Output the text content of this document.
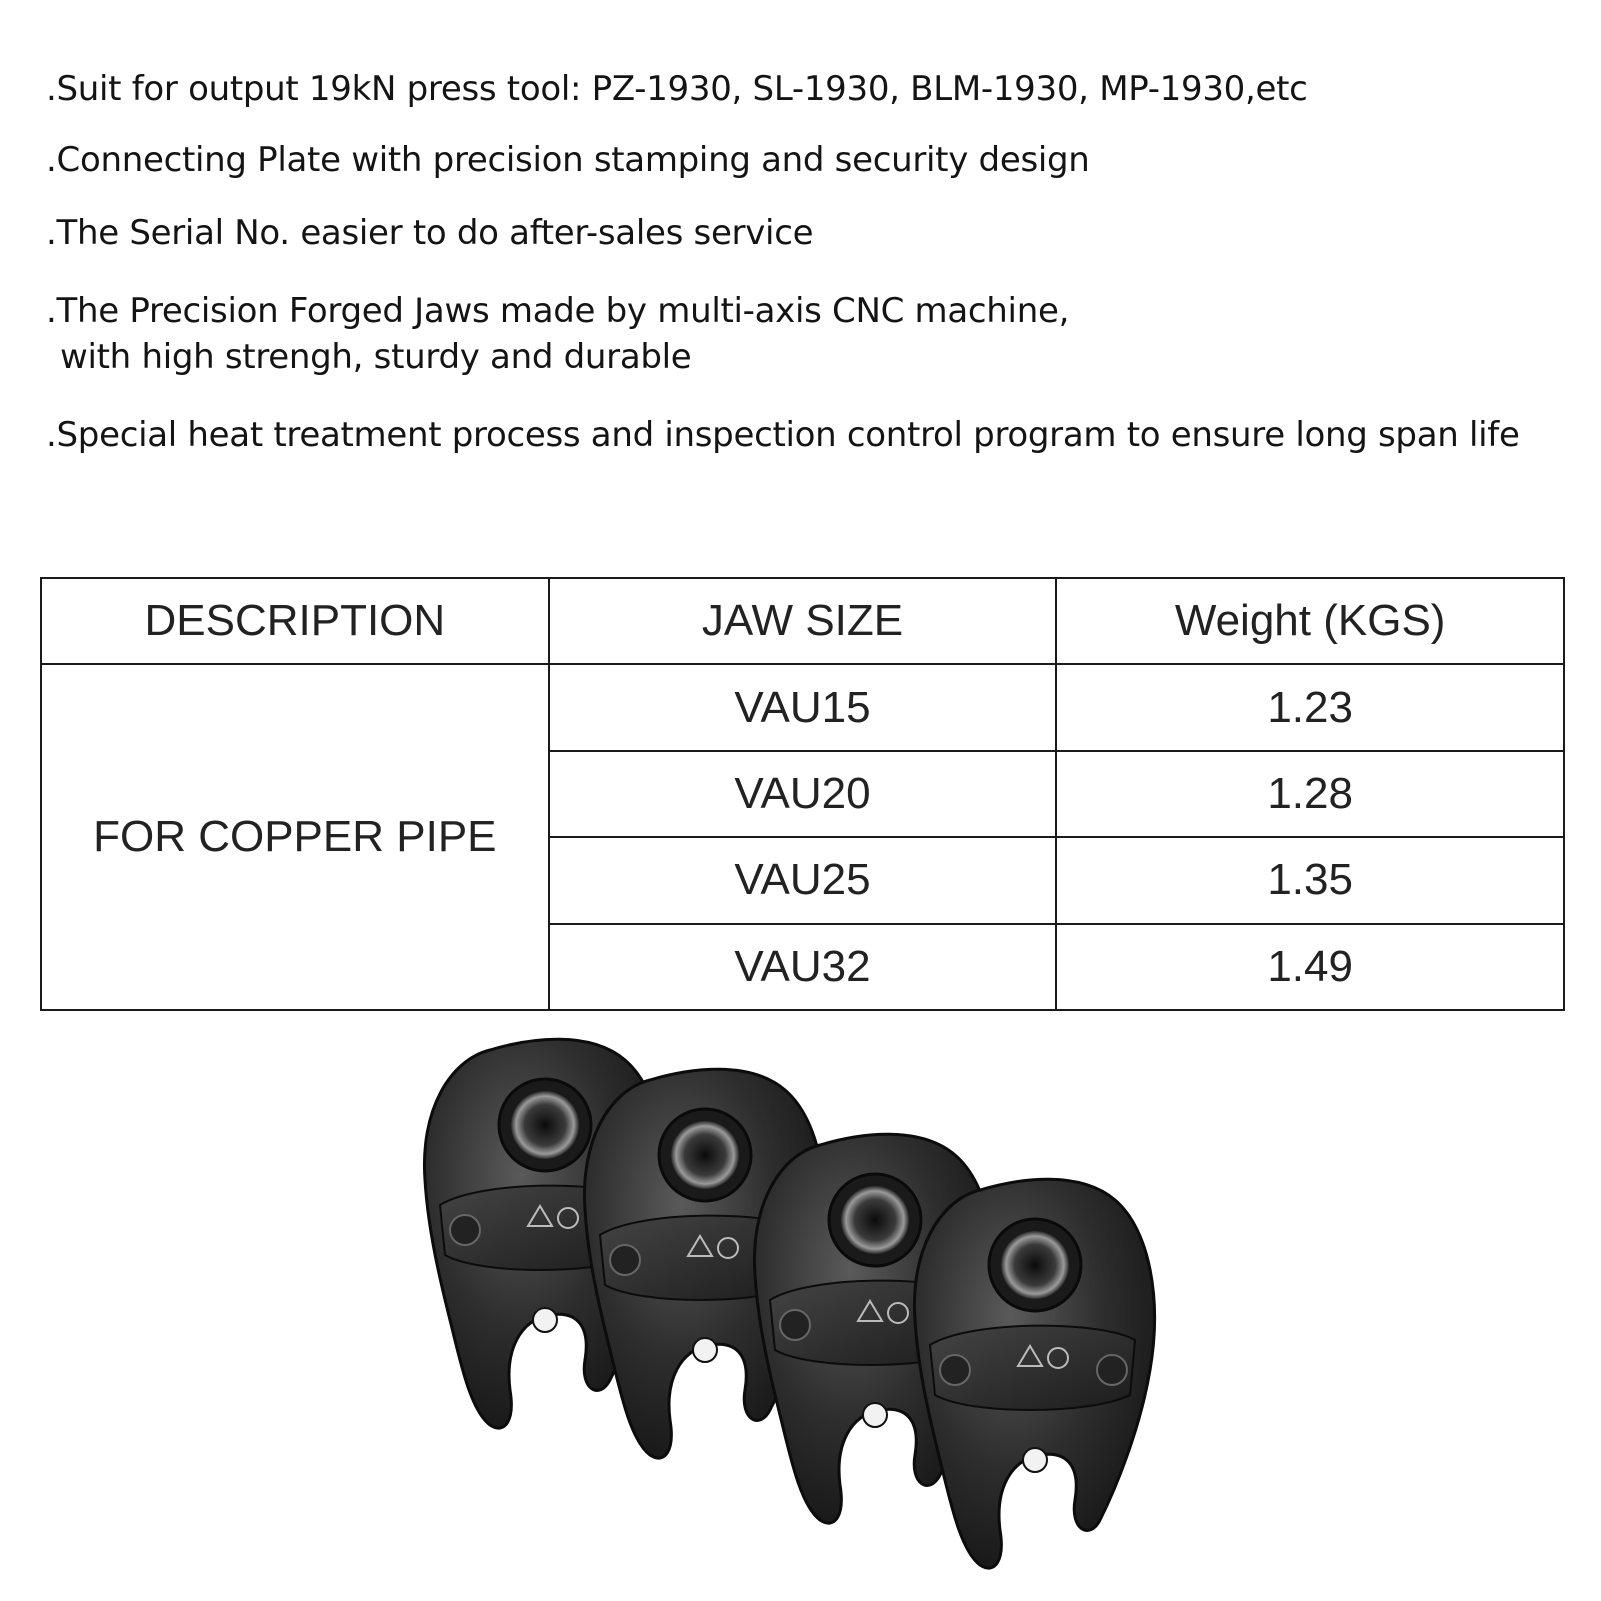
.Suit for output 19kN press tool: PZ-1930, SL-1930, BLM-1930, MP-1930,etc

.Connecting Plate with precision stamping and security design

.The Serial No. easier to do after-sales service

.The Precision Forged Jaws made by multi-axis CNC machine,

with high strengh, sturdy and durable

.Special heat treatment process and inspection control program to ensure long span life

DESCRIPTION	JAW SIZE	Weight (KGS)
FOR COPPER PIPE	VAU15	1.23
	VAU20	1.28
	VAU25	1.35
	VAU32	1.49
